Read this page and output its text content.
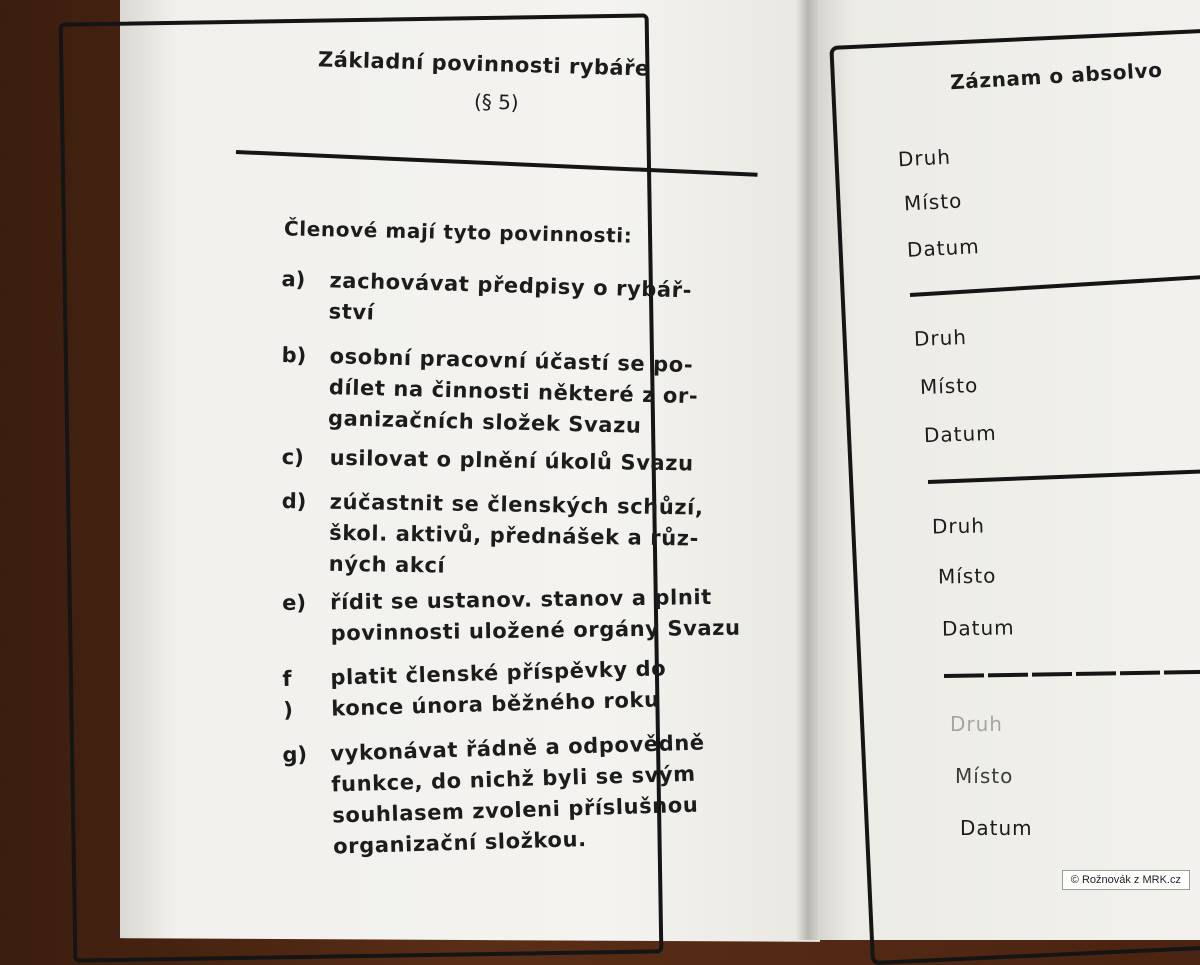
Základní povinnosti rybáře
(§ 5)
Členové mají tyto povinnosti:
a) zachovávat předpisy o rybář-
ství
b) osobní pracovní účastí se po-
dílet na činnosti některé z or-
ganizačních složek Svazu
c) usilovat o plnění úkolů Svazu
d) zúčastnit se členských schůzí,
škol. aktivů, přednášek a růz-
ných akcí
e) řídit se ustanov. stanov a plnit
povinnosti uložené orgány Svazu
f )
platit členské příspěvky do
konce února běžného roku
g) vykonávat řádně a odpovědně
funkce, do nichž byli se svým
souhlasem zvoleni příslušnou
organizační složkou.
Záznam o absolvo
Druh
Místo
Datum
Druh
Místo
Datum
Druh
Místo
Datum
Druh
Místo
Datum
© Rožnovák z MRK.cz
